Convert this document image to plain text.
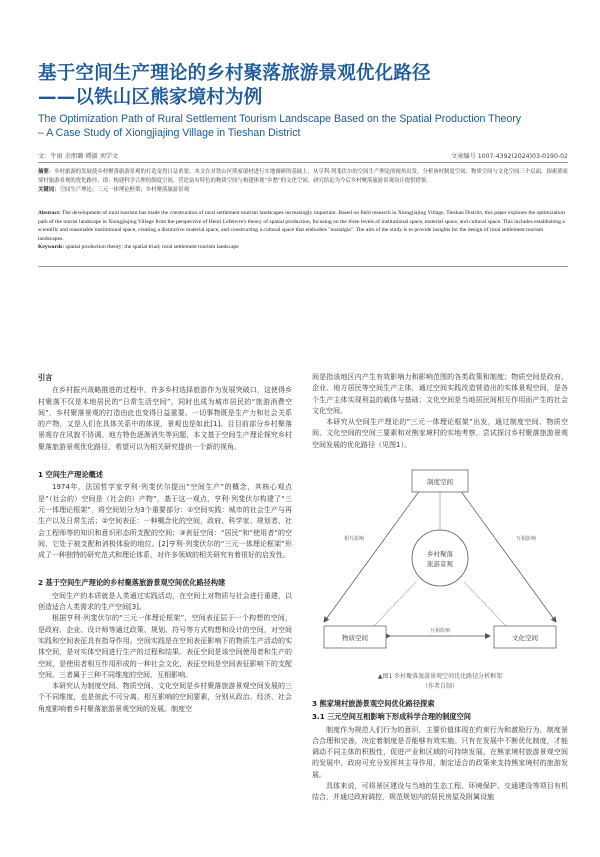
基于空间生产理论的乡村聚落旅游景观优化路径
——以铁山区熊家境村为例
The Optimization Path of Rural Settlement Tourism Landscape Based on the Spatial Production Theory
– A Case Study of Xiongjiajing Village in Tieshan District
文：牛雨 余朋璐 谭淑 刘学文	文章编号 1007-4392(2024)03-0190-02
摘要：乡村旅游的发展使乡村聚落旅游景观的打造变得日益重要。本文在对铁山区熊家境村进行实地调研的基础上，从亨利·列斐伏尔的空间生产理论的视角出发，分析该村制度空间、物质空间与文化空间三个层面，探索熊家境村旅游景观的优化路径，即：构建科学合理的制度空间，营造富有特色的物质空间与构建体现“乡愁”的文化空间，研究结论为今后乡村聚落旅游景观设计提供借鉴。
关键词：空间生产理论；三元一体理论框架；乡村聚落旅游景观
Abstract: The development of rural tourism has made the construction of rural settlement tourism landscapes increasingly important. Based on field research in Xiongjiajing Village, Tieshan District, this paper explores the optimization path of the tourist landscape in Xiongjiajing Village from the perspective of Henri Lefebvre's theory of spatial production, focusing on the three levels of institutional space, material space, and cultural space. This includes establishing a scientific and reasonable institutional space, creating a distinctive material space, and constructing a cultural space that embodies "nostalgia". The aim of the study is to provide insights for the design of rural settlement tourism landscapes.
Keywords: spatial production theory; the spatial triad; rural settlement tourism landscape
引言

在乡村振兴战略推进的过程中，许多乡村选择旅游作为发展突破口，这使得乡村聚落不仅是本地居民的“日常生活空间”，同时也成为城市居民的“旅游消费空间”，乡村聚落景观的打造由此也变得日益重要。一切事物既是生产力和社会关系的产物，又是人们在具体关系中的体现，景观也是如此[1]。目目前部分乡村聚落景观存在风貌不协调、地方特色逐渐消失等问题，本文基于空间生产理论探究乡村聚落旅游景观优化路径，希望可以为相关研究提供一个新的视角。

1 空间生产理论概述

1974年，法国哲学家亨利·列斐伏尔提出“空间生产”的概念，其核心观点是“（社会的）空间是（社会的）产物”，基于这一观点，亨利·列斐伏尔构建了“三元一体理论框架”，将空间划分为3个重要部分：①空间实践：城市的社会生产与再生产以及日常生活；②空间表征：一种概念化的空间，政府、科学家、规划者、社会工程师等的知识和意识形态所支配的空间；③表征空间：“居民”和“使用者”的空间，它处于被支配和消极体验的地位。[2]亨利·列斐伏尔的“三元一体理论框架”形成了一种独特的研究范式和理论体系，对许多领域的相关研究有着很好的启发性。

2 基于空间生产理论的乡村聚落旅游景观空间优化路径构建

空间生产的本质就是人类通过实践活动，在空间上对物质与社会进行重建，以创造适合人类需求的生产空间[3]。

根据亨利·列斐伏尔的“三元一体理论框架”，空间表征层于一个构想的空间，是政府、企业、设计师等通过政策、规划、符号等方式构想和设计的空间，对空间实践和空间表征具有指导作用。空间实践是在空间表征影响下的物质生产活动的实体空间，是对实体空间进行生产的过程和结果。表征空间是该空间使用者和生产的空间，是使用者相互作用形成的一种社会文化，表征空间是空间表征影响下的支配空间。三者属于三种不同维度的空间，互相影响。

本研究认为制度空间、物质空间、文化空间是乡村聚落旅游景观空间发展的三个不同维度，也是彼此不可分离、相互影响的空间要素，分别从政治、经济、社会角度影响着乡村聚落旅游景观空间的发展。制度空

间是指该地区内产生有效影响力和影响范围的各类政策和制度；物质空间是政府、企业、地方居民等空间生产主体，通过空间实践改造营造出的实体景观空间，是各个生产主体实现利益的载体与基础；文化空间是当地居民间相互作用而产生的社会文化空间。

本研究从空间生产理论的“三元一体理论框架”出发，通过制度空间、物质空间、文化空间的空间三要素和对熊家境村的实地考察，尝试探讨乡村聚落旅游景观空间发展的优化路径（见图1）。

制度空间
乡村聚落
旅游景观
物质空间	文化空间
相互影响	互相影响
互相影响
▲图1 乡村聚落旅游景观空间优化路径分析框架
（作者自制）
3 熊家境村旅游景观空间优化路径探索
3.1 三元空间互相影响下形成科学合理的制度空间

制度作为规范人们行为的意识，主要价值体现在约束行为和激励行为，制度景合合理和完善，决定着制度是否能够有效实施。只有在发展中不断优化制度，才能调动不同主体的积极性，促进产业和区域的可持续发展。在熊家境村旅游景观空间的发展中，政府可充分发挥其主导作用，制定适合的政策来支持熊家境村的旅游发展。

具体来说，可将景区建设与当地的生态工程、环境保护、交通建设等项目有机结合，并通过政府调控，规范规划内的居民房屋及附属设施
